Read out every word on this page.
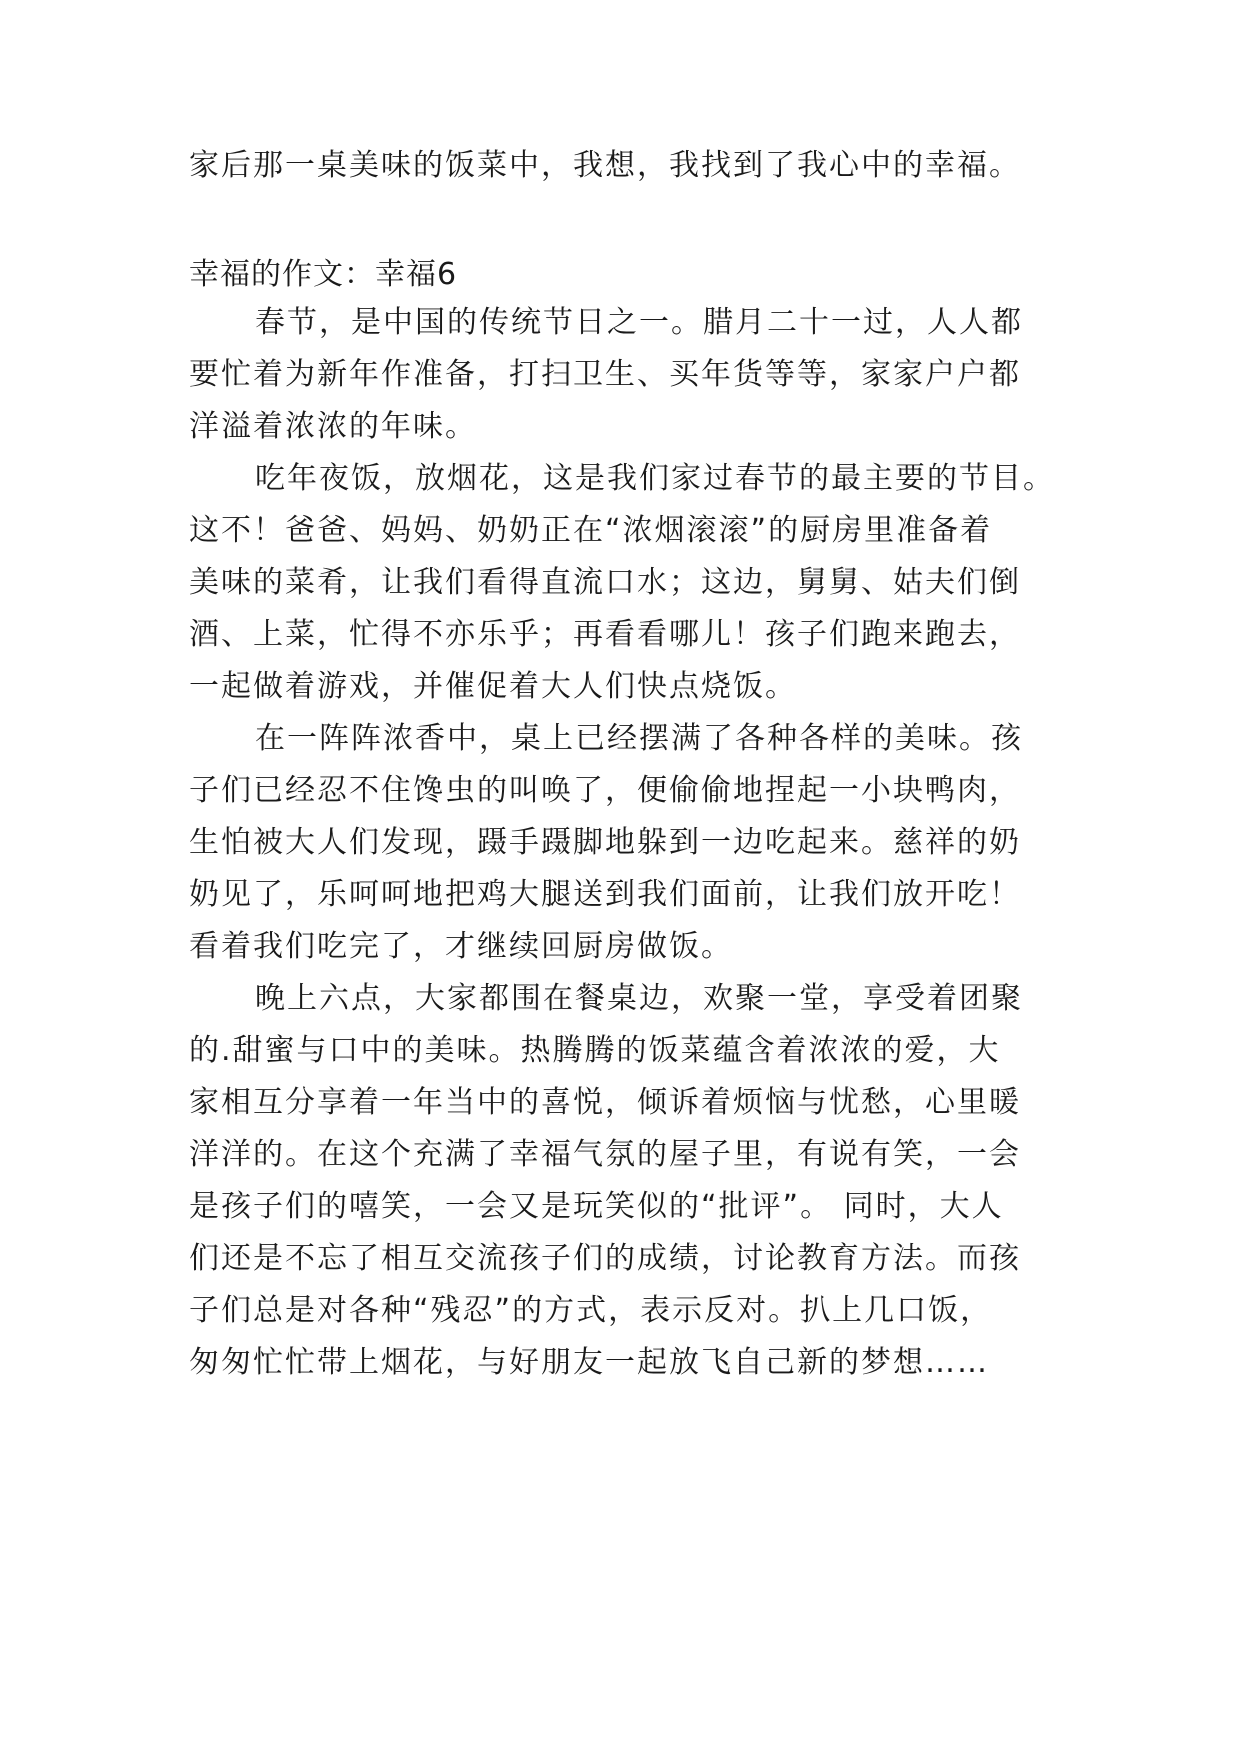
家后那一桌美味的饭菜中，我想，我找到了我心中的幸福。
幸福的作文：幸福6
春节，是中国的传统节日之一。腊月二十一过，人人都
要忙着为新年作准备，打扫卫生、买年货等等，家家户户都
洋溢着浓浓的年味。
吃年夜饭，放烟花，这是我们家过春节的最主要的节目。
这不！爸爸、妈妈、奶奶正在“浓烟滚滚”的厨房里准备着
美味的菜肴，让我们看得直流口水；这边，舅舅、姑夫们倒
酒、上菜，忙得不亦乐乎；再看看哪儿！孩子们跑来跑去，
一起做着游戏，并催促着大人们快点烧饭。
在一阵阵浓香中，桌上已经摆满了各种各样的美味。孩
子们已经忍不住馋虫的叫唤了，便偷偷地捏起一小块鸭肉，
生怕被大人们发现，蹑手蹑脚地躲到一边吃起来。慈祥的奶
奶见了，乐呵呵地把鸡大腿送到我们面前，让我们放开吃！
看着我们吃完了，才继续回厨房做饭。
晚上六点，大家都围在餐桌边，欢聚一堂，享受着团聚
的.甜蜜与口中的美味。热腾腾的饭菜蕴含着浓浓的爱，大
家相互分享着一年当中的喜悦，倾诉着烦恼与忧愁，心里暖
洋洋的。在这个充满了幸福气氛的屋子里，有说有笑，一会
是孩子们的嘻笑，一会又是玩笑似的“批评”。 同时，大人
们还是不忘了相互交流孩子们的成绩，讨论教育方法。而孩
子们总是对各种“残忍”的方式，表示反对。扒上几口饭，
匆匆忙忙带上烟花，与好朋友一起放飞自己新的梦想……
